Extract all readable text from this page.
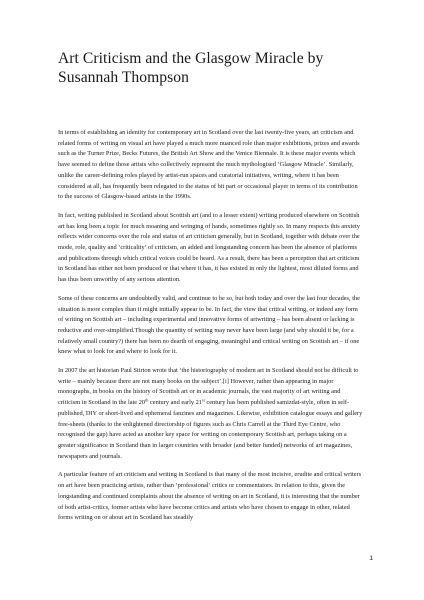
Art Criticism and the Glasgow Miracle by Susannah Thompson

In terms of establishing an identity for contemporary art in Scotland over the last twenty-five years, art criticism and related forms of writing on visual art have played a much more nuanced role than major exhibitions, prizes and awards such as the Turner Prize, Becks Futures, the British Art Show and the Venice Biennale. It is these major events which have seemed to define those artists who collectively represent the much mythologised ‘Glasgow Miracle’. Similarly, unlike the career-defining roles played by artist-run spaces and curatorial initiatives, writing, where it has been considered at all, has frequently been relegated to the status of bit part or occasional player in terms of its contribution to the success of Glasgow-based artists in the 1990s.

In fact, writing published in Scotland about Scottish art (and to a lesser extent) writing produced elsewhere on Scottish art has long been a topic for much moaning and wringing of hands, sometimes rightly so. In many respects this anxiety reflects wider concerns over the role and status of art criticism generally, but in Scotland, together with debate over the mode, role, quality and ‘criticality’ of criticism, an added and longstanding concern has been the absence of platforms and publications through which critical voices could be heard. As a result, there has been a perception that art criticism in Scotland has either not been produced or that where it has, it has existed in only the lightest, most diluted forms and has thus been unworthy of any serious attention.

Some of these concerns are undoubtedly valid, and continue to be so, but both today and over the last four decades, the situation is more complex than it might initially appear to be. In fact, the view that critical writing, or indeed any form of writing on Scottish art – including experimental and innovative forms of artwriting – has been absent or lacking is reductive and over-simplified.Though the quantity of writing may never have been large (and why should it be, for a relatively small country?) there has been no dearth of engaging, meaningful and critical writing on Scottish art – if one knew what to look for and where to look for it.

In 2007 the art historian Paul Stirton wrote that ‘the historiography of modern art in Scotland should not be difficult to write – mainly because there are not many books on the subject’.[i] However, rather than appearing in major monographs, in books on the history of Scottish art or in academic journals, the vast majority of art writing and criticism in Scotland in the late 20th century and early 21st century has been published samizdat-style, often in self-published, DIY or short-lived and ephemeral fanzines and magazines. Likewise, exhibition catalogue essays and gallery free-sheets (thanks to the enlightened directorship of figures such as Chris Carrell at the Third Eye Centre, who recognised the gap) have acted as another key space for writing on contemporary Scottish art, perhaps taking on a greater significance in Scotland than in larger countries with broader (and better funded) networks of art magazines, newspapers and journals.

A particular feature of art criticism and writing in Scotland is that many of the most incisive, erudite and critical writers on art have been practicing artists, rather than ‘professional’ critics or commentators. In relation to this, given the longstanding and continued complaints about the absence of writing on art in Scotland, it is interesting that the number of both artist-critics, former artists who have become critics and artists who have chosen to engage in other, related forms writing on or about art in Scotland has steadily

1
